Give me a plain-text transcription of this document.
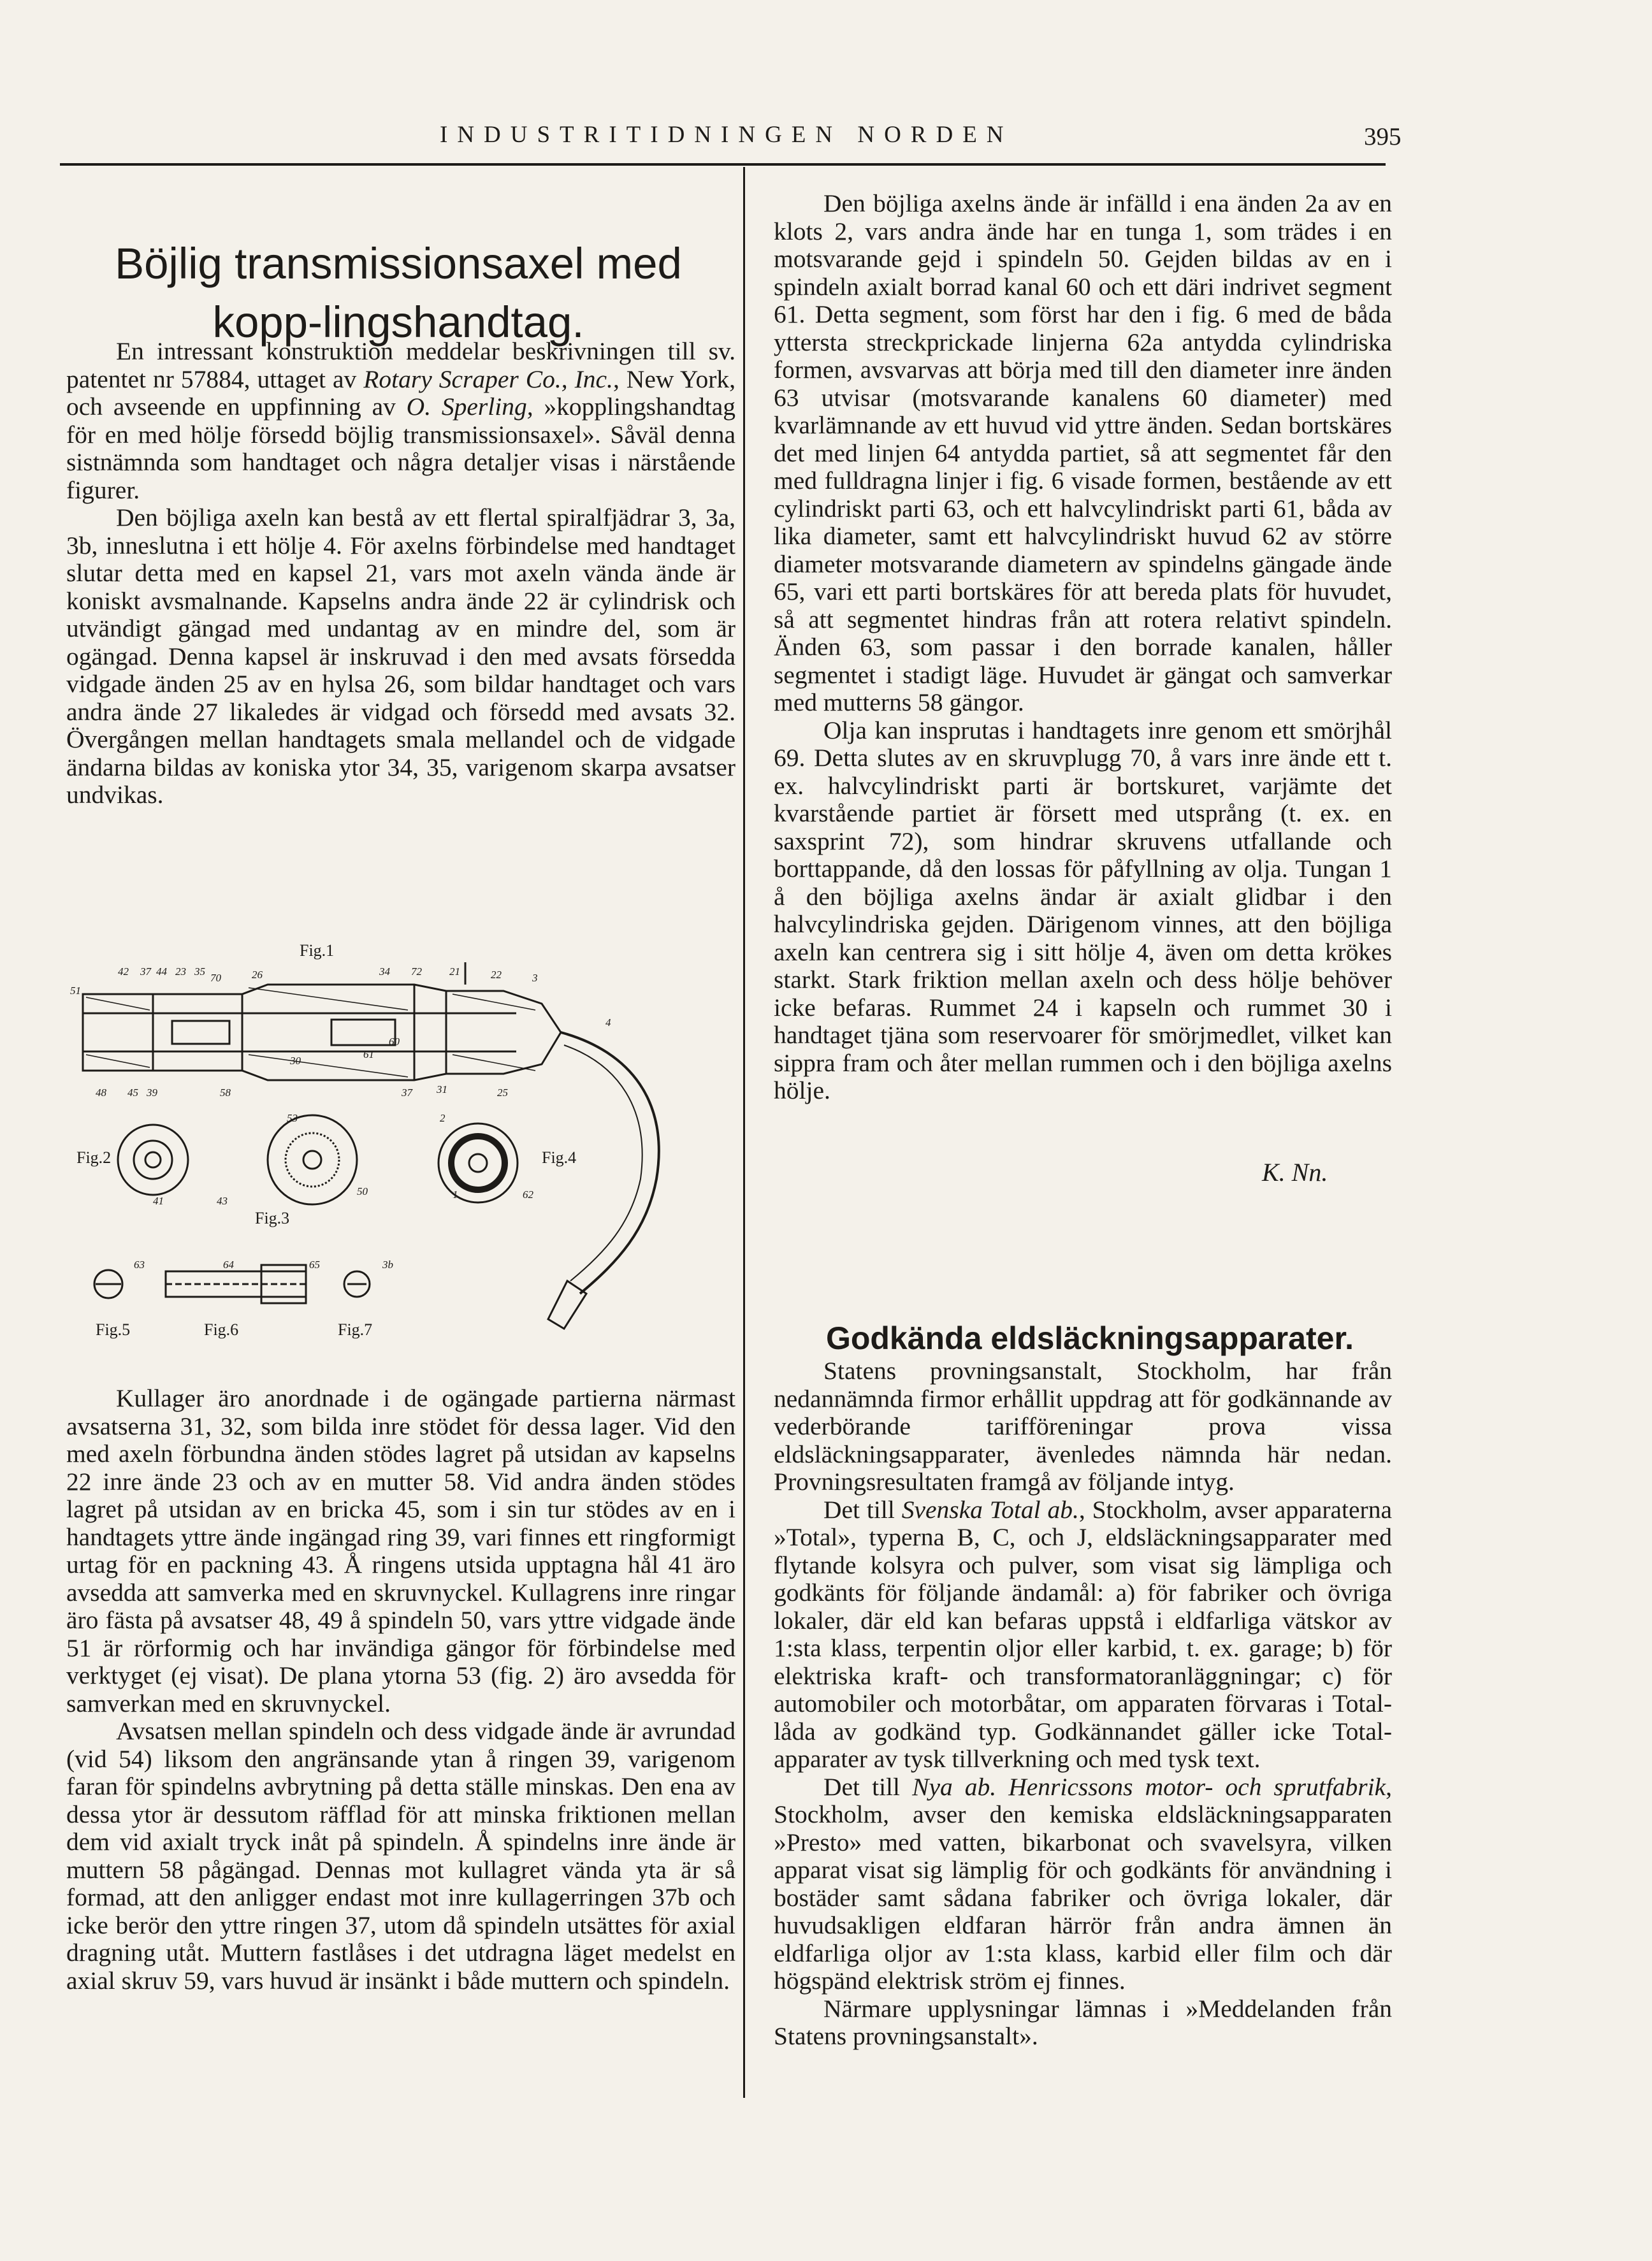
INDUSTRITIDNINGEN NORDEN	395
Böjlig transmissionsaxel med kopp-lingshandtag.

En intressant konstruktion meddelar beskrivningen till sv. patentet nr 57884, uttaget av Rotary Scraper Co., Inc., New York, och avseende en uppfinning av O. Sperling, »kopplingshandtag för en med hölje försedd böjlig transmissionsaxel». Såväl denna sistnämnda som handtaget och några detaljer visas i närstående figurer.

Den böjliga axeln kan bestå av ett flertal spiralfjädrar 3, 3a, 3b, inneslutna i ett hölje 4. För axelns förbindelse med handtaget slutar detta med en kapsel 21, vars mot axeln vända ände är koniskt avsmalnande. Kapselns andra ände 22 är cylindrisk och utvändigt gängad med undantag av en mindre del, som är ogängad. Denna kapsel är inskruvad i den med avsats försedda vidgade änden 25 av en hylsa 26, som bildar handtaget och vars andra ände 27 likaledes är vidgad och försedd med avsats 32. Övergången mellan handtagets smala mellandel och de vidgade ändarna bildas av koniska ytor 34, 35, varigenom skarpa avsatser undvikas.

Fig.1
Fig.2
Fig.3
Fig.4
Fig.5	Fig.6	Fig.7
51
42 37 44 23 35
70	26	34 72	21	22	3
4
48 45 39	58
60
61
30
31
37	25
41	43
53
50
2
1	62
63	64	65	3b

Kullager äro anordnade i de ogängade partierna närmast avsatserna 31, 32, som bilda inre stödet för dessa lager. Vid den med axeln förbundna änden stödes lagret på utsidan av kapselns 22 inre ände 23 och av en mutter 58. Vid andra änden stödes lagret på utsidan av en bricka 45, som i sin tur stödes av en i handtagets yttre ände ingängad ring 39, vari finnes ett ringformigt urtag för en packning 43. Å ringens utsida upptagna hål 41 äro avsedda att samverka med en skruvnyckel. Kullagrens inre ringar äro fästa på avsatser 48, 49 å spindeln 50, vars yttre vidgade ände 51 är rörformig och har invändiga gängor för förbindelse med verktyget (ej visat). De plana ytorna 53 (fig. 2) äro avsedda för samverkan med en skruvnyckel.

Avsatsen mellan spindeln och dess vidgade ände är avrundad (vid 54) liksom den angränsande ytan å ringen 39, varigenom faran för spindelns avbrytning på detta ställe minskas. Den ena av dessa ytor är dessutom räfflad för att minska friktionen mellan dem vid axialt tryck inåt på spindeln. Å spindelns inre ände är muttern 58 pågängad. Dennas mot kullagret vända yta är så formad, att den anligger endast mot inre kullagerringen 37b och icke berör den yttre ringen 37, utom då spindeln utsättes för axial dragning utåt. Muttern fastlåses i det utdragna läget medelst en axial skruv 59, vars huvud är insänkt i både muttern och spindeln.

Den böjliga axelns ände är infälld i ena änden 2a av en klots 2, vars andra ände har en tunga 1, som trädes i en motsvarande gejd i spindeln 50. Gejden bildas av en i spindeln axialt borrad kanal 60 och ett däri indrivet segment 61. Detta segment, som först har den i fig. 6 med de båda yttersta streckprickade linjerna 62a antydda cylindriska formen, avsvarvas att börja med till den diameter inre änden 63 utvisar (motsvarande kanalens 60 diameter) med kvarlämnande av ett huvud vid yttre änden. Sedan bortskäres det med linjen 64 antydda partiet, så att segmentet får den med fulldragna linjer i fig. 6 visade formen, bestående av ett cylindriskt parti 63, och ett halvcylindriskt parti 61, båda av lika diameter, samt ett halvcylindriskt huvud 62 av större diameter motsvarande diametern av spindelns gängade ände 65, vari ett parti bortskäres för att bereda plats för huvudet, så att segmentet hindras från att rotera relativt spindeln. Änden 63, som passar i den borrade kanalen, håller segmentet i stadigt läge. Huvudet är gängat och samverkar med mutterns 58 gängor.

Olja kan insprutas i handtagets inre genom ett smörjhål 69. Detta slutes av en skruvplugg 70, å vars inre ände ett t. ex. halvcylindriskt parti är bortskuret, varjämte det kvarstående partiet är försett med utsprång (t. ex. en saxsprint 72), som hindrar skruvens utfallande och borttappande, då den lossas för påfyllning av olja. Tungan 1 å den böjliga axelns ändar är axialt glidbar i den halvcylindriska gejden. Därigenom vinnes, att den böjliga axeln kan centrera sig i sitt hölje 4, även om detta krökes starkt. Stark friktion mellan axeln och dess hölje behöver icke befaras. Rummet 24 i kapseln och rummet 30 i handtaget tjäna som reservoarer för smörjmedlet, vilket kan sippra fram och åter mellan rummen och i den böjliga axelns hölje.

K. Nn.
Godkända eldsläckningsapparater.

Statens provningsanstalt, Stockholm, har från nedannämnda firmor erhållit uppdrag att för godkännande av vederbörande tarifföreningar prova vissa eldsläckningsapparater, ävenledes nämnda här nedan. Provningsresultaten framgå av följande intyg.

Det till Svenska Total ab., Stockholm, avser apparaterna »Total», typerna B, C, och J, eldsläckningsapparater med flytande kolsyra och pulver, som visat sig lämpliga och godkänts för följande ändamål: a) för fabriker och övriga lokaler, där eld kan befaras uppstå i eldfarliga vätskor av 1:sta klass, terpentin oljor eller karbid, t. ex. garage; b) för elektriska kraft- och transformatoranläggningar; c) för automobiler och motorbåtar, om apparaten förvaras i Total-låda av godkänd typ. Godkännandet gäller icke Total-apparater av tysk tillverkning och med tysk text.

Det till Nya ab. Henricssons motor- och sprutfabrik, Stockholm, avser den kemiska eldsläckningsapparaten »Presto» med vatten, bikarbonat och svavelsyra, vilken apparat visat sig lämplig för och godkänts för användning i bostäder samt sådana fabriker och övriga lokaler, där huvudsakligen eldfaran härrör från andra ämnen än eldfarliga oljor av 1:sta klass, karbid eller film och där högspänd elektrisk ström ej finnes.

Närmare upplysningar lämnas i »Meddelanden från Statens provningsanstalt».
